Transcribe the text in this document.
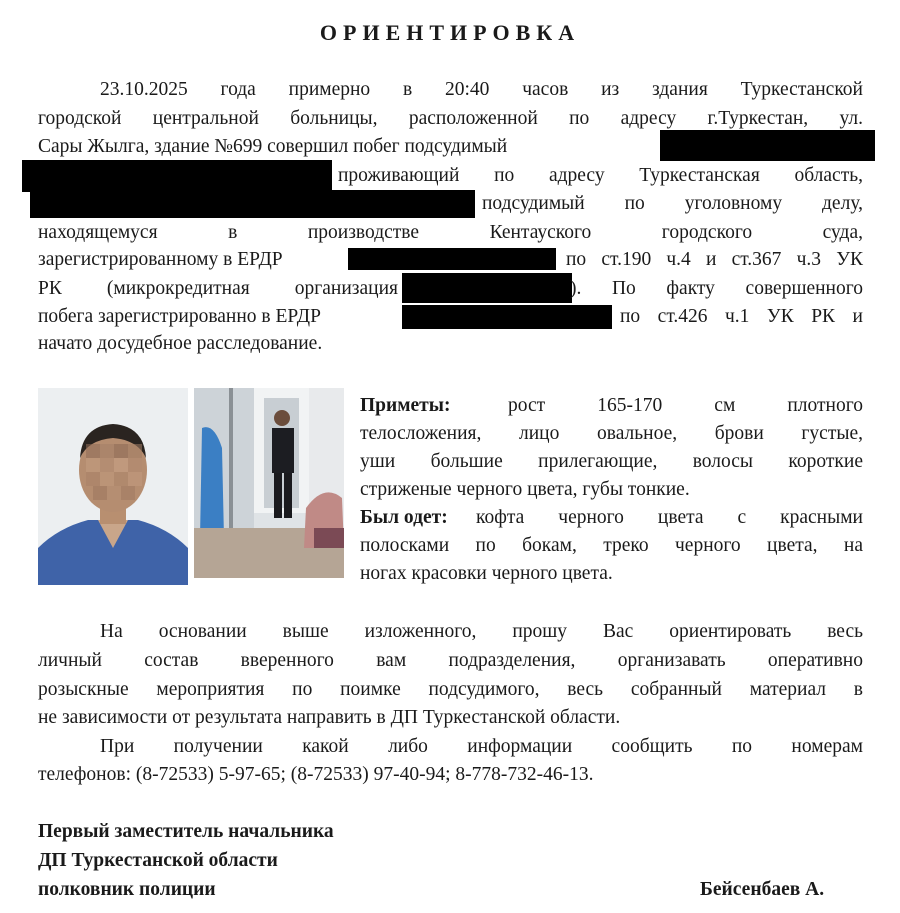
ОРИЕНТИРОВКА
23.10.2025 года примерно в 20:40 часов из здания Туркестанской
городской центральной больницы, расположенной по адресу г.Туркестан, ул.
Сары Жылга, здание №699 совершил побег подсудимый
проживающий по адресу Туркестанская область,
подсудимый по уголовному делу,
находящемуся в производстве Кентауского городского суда,
зарегистрированному в ЕРДР	по ст.190 ч.4 и ст.367 ч.3 УК
РК (микрокредитная организация	). По факту совершенного
побега зарегистрированно в ЕРДР	по ст.426 ч.1 УК РК и
начато досудебное расследование.
Приметы:	рост 165-170 см плотного
телосложения, лицо овальное, брови густые,
уши большие прилегающие, волосы короткие
стриженые черного цвета, губы тонкие.
Был одет:	кофта черного цвета с красными
полосками по бокам, треко черного цвета, на
ногах красовки черного цвета.
На основании выше изложенного, прошу Вас ориентировать весь
личный состав вверенного вам подразделения, организавать оперативно
розыскные мероприятия по поимке подсудимого, весь собранный материал в
не зависимости от результата направить в ДП Туркестанской области.
При получении какой либо информации сообщить по номерам
телефонов: (8-72533) 5-97-65; (8-72533) 97-40-94; 8-778-732-46-13.
Первый заместитель начальника
ДП Туркестанской области
полковник полиции	Бейсенбаев А.
